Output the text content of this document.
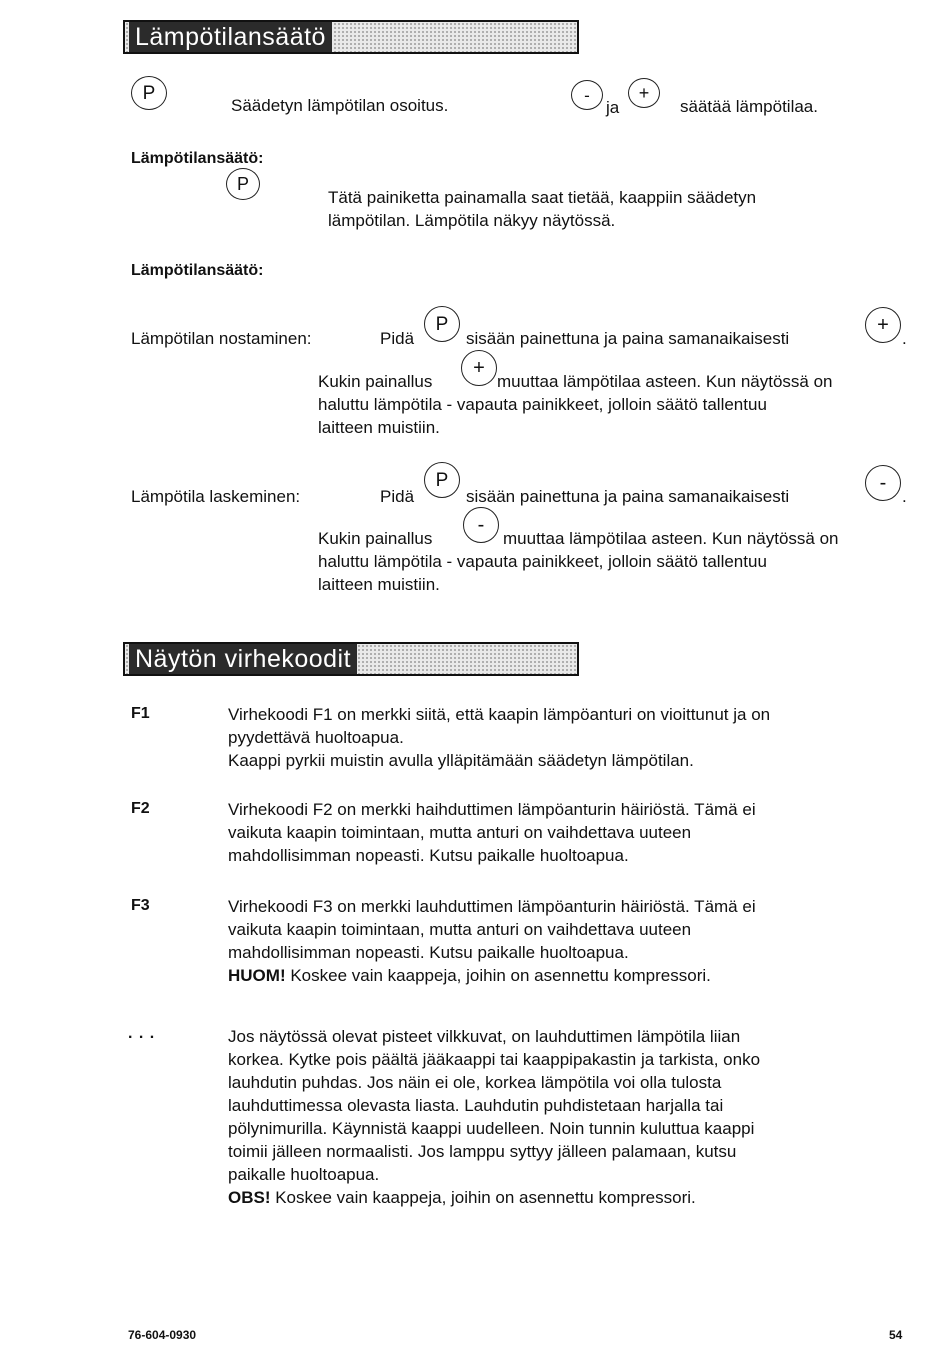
Lämpötilansäätö
P
Säädetyn lämpötilan osoitus.
-
ja
+
säätää lämpötilaa.
Lämpötilansäätö:
P
Tätä painiketta painamalla saat tietää, kaappiin säädetyn
lämpötilan. Lämpötila näkyy näytössä.
Lämpötilansäätö:
Lämpötilan nostaminen:	Pidä
P
sisään painettuna ja paina samanaikaisesti
+
.
Kukin painallus
+
muuttaa lämpötilaa asteen. Kun näytössä on
haluttu lämpötila - vapauta painikkeet, jolloin säätö tallentuu
laitteen muistiin.
Lämpötila laskeminen:	Pidä
P
sisään painettuna ja paina samanaikaisesti
-
.
Kukin painallus
-
muuttaa lämpötilaa asteen. Kun näytössä on
haluttu lämpötila - vapauta painikkeet, jolloin säätö tallentuu
laitteen muistiin.
Näytön virhekoodit
F1	Virhekoodi F1 on merkki siitä, että kaapin lämpöanturi on vioittunut ja on
pyydettävä huoltoapua.
Kaappi pyrkii muistin avulla ylläpitämään säädetyn lämpötilan.
F2	Virhekoodi F2 on merkki haihduttimen lämpöanturin häiriöstä. Tämä ei
vaikuta kaapin toimintaan, mutta anturi on vaihdettava uuteen
mahdollisimman nopeasti. Kutsu paikalle huoltoapua.
F3	Virhekoodi F3 on merkki lauhduttimen lämpöanturin häiriöstä. Tämä ei
vaikuta kaapin toimintaan, mutta anturi on vaihdettava uuteen
mahdollisimman nopeasti. Kutsu paikalle huoltoapua.
HUOM! Koskee vain kaappeja, joihin on asennettu kompressori.
. . .	Jos näytössä olevat pisteet vilkkuvat, on lauhduttimen lämpötila liian
korkea. Kytke pois päältä jääkaappi tai kaappipakastin ja tarkista, onko
lauhdutin puhdas. Jos näin ei ole, korkea lämpötila voi olla tulosta
lauhduttimessa olevasta liasta. Lauhdutin puhdistetaan harjalla tai
pölynimurilla. Käynnistä kaappi uudelleen. Noin tunnin kuluttua kaappi
toimii jälleen normaalisti. Jos lamppu syttyy jälleen palamaan, kutsu
paikalle huoltoapua.
OBS! Koskee vain kaappeja, joihin on asennettu kompressori.
76-604-0930	54
